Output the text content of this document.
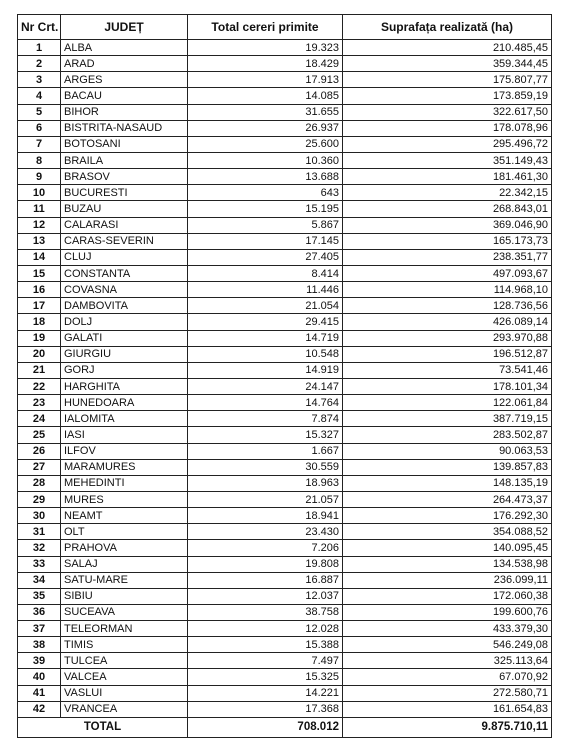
Nr Crt.	JUDEȚ	Total cereri primite	Suprafața realizată (ha)
1	ALBA	19.323	210.485,45
2	ARAD	18.429	359.344,45
3	ARGES	17.913	175.807,77
4	BACAU	14.085	173.859,19
5	BIHOR	31.655	322.617,50
6	BISTRITA-NASAUD	26.937	178.078,96
7	BOTOSANI	25.600	295.496,72
8	BRAILA	10.360	351.149,43
9	BRASOV	13.688	181.461,30
10	BUCURESTI	643	22.342,15
11	BUZAU	15.195	268.843,01
12	CALARASI	5.867	369.046,90
13	CARAS-SEVERIN	17.145	165.173,73
14	CLUJ	27.405	238.351,77
15	CONSTANTA	8.414	497.093,67
16	COVASNA	11.446	114.968,10
17	DAMBOVITA	21.054	128.736,56
18	DOLJ	29.415	426.089,14
19	GALATI	14.719	293.970,88
20	GIURGIU	10.548	196.512,87
21	GORJ	14.919	73.541,46
22	HARGHITA	24.147	178.101,34
23	HUNEDOARA	14.764	122.061,84
24	IALOMITA	7.874	387.719,15
25	IASI	15.327	283.502,87
26	ILFOV	1.667	90.063,53
27	MARAMURES	30.559	139.857,83
28	MEHEDINTI	18.963	148.135,19
29	MURES	21.057	264.473,37
30	NEAMT	18.941	176.292,30
31	OLT	23.430	354.088,52
32	PRAHOVA	7.206	140.095,45
33	SALAJ	19.808	134.538,98
34	SATU-MARE	16.887	236.099,11
35	SIBIU	12.037	172.060,38
36	SUCEAVA	38.758	199.600,76
37	TELEORMAN	12.028	433.379,30
38	TIMIS	15.388	546.249,08
39	TULCEA	7.497	325.113,64
40	VALCEA	15.325	67.070,92
41	VASLUI	14.221	272.580,71
42	VRANCEA	17.368	161.654,83
TOTAL		708.012	9.875.710,11
